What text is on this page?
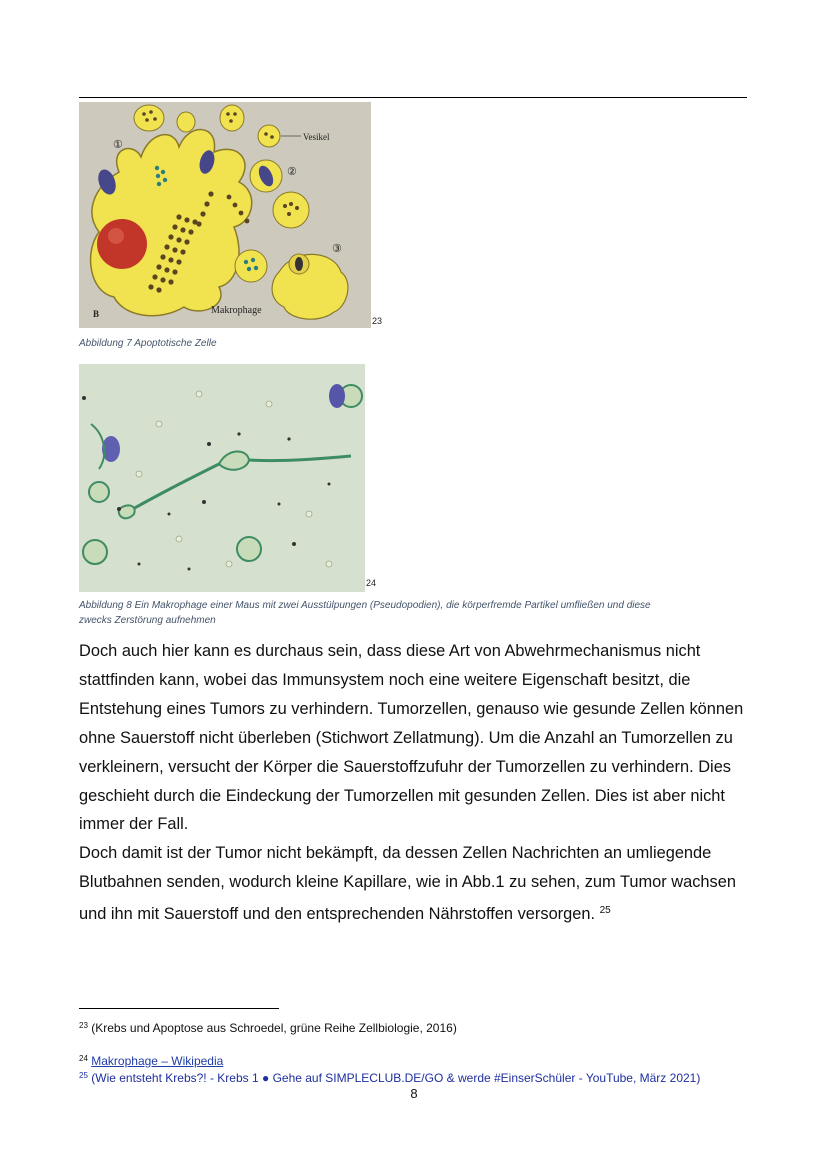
①
Vesikel
②
③
Makrophage
B
23
Abbildung 7 Apoptotische Zelle
24
Abbildung 8 Ein Makrophage einer Maus mit zwei Ausstülpungen (Pseudopodien), die körperfremde Partikel umfließen und diese
zwecks Zerstörung aufnehmen

Doch auch hier kann es durchaus sein, dass diese Art von Abwehrmechanismus nicht stattfinden kann, wobei das Immunsystem noch eine weitere Eigenschaft besitzt, die Entstehung eines Tumors zu verhindern. Tumorzellen, genauso wie gesunde Zellen können ohne Sauerstoff nicht überleben (Stichwort Zellatmung). Um die Anzahl an Tumorzellen zu verkleinern, versucht der Körper die Sauerstoffzufuhr der Tumorzellen zu verhindern. Dies geschieht durch die Eindeckung der Tumorzellen mit gesunden Zellen. Dies ist aber nicht immer der Fall.

Doch damit ist der Tumor nicht bekämpft, da dessen Zellen Nachrichten an umliegende Blutbahnen senden, wodurch kleine Kapillare, wie in Abb.1 zu sehen, zum Tumor wachsen und ihn mit Sauerstoff und den entsprechenden Nährstoffen versorgen. $^{25}$

$^{23}$ (Krebs und Apoptose aus Schroedel, grüne Reihe Zellbiologie, 2016)
$^{24}$ Makrophage – Wikipedia
$^{25}$ (Wie entsteht Krebs?! - Krebs 1 ● Gehe auf SIMPLECLUB.DE/GO & werde #EinserSchüler - YouTube, März 2021)
8
